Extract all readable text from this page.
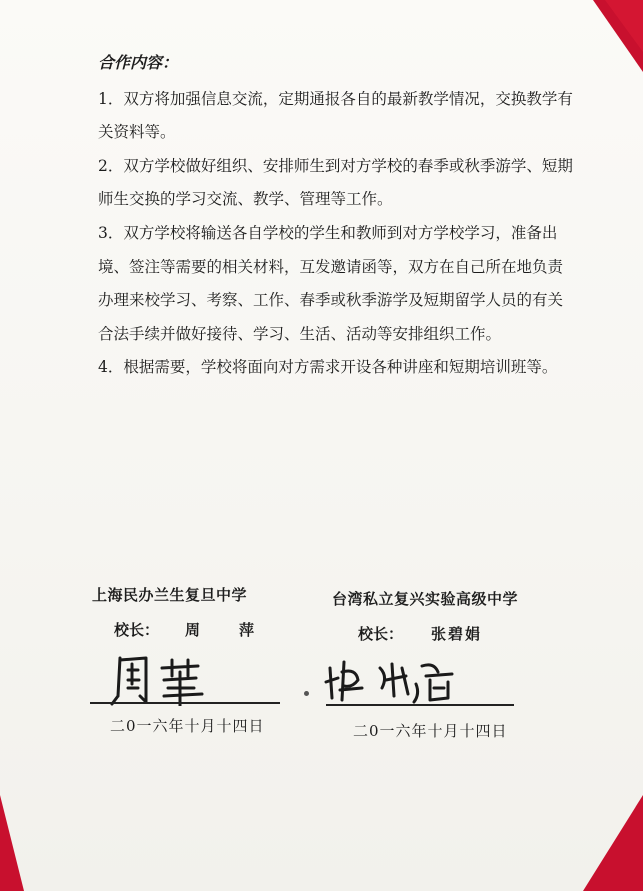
合作内容：

1．双方将加强信息交流，定期通报各自的最新教学情况，交换教学有关资料等。

2．双方学校做好组织、安排师生到对方学校的春季或秋季游学、短期师生交换的学习交流、教学、管理等工作。

3．双方学校将输送各自学校的学生和教师到对方学校学习，准备出境、签注等需要的相关材料，互发邀请函等，双方在自己所在地负责办理来校学习、考察、工作、春季或秋季游学及短期留学人员的有关合法手续并做好接待、学习、生活、活动等安排组织工作。

4．根据需要，学校将面向对方需求开设各种讲座和短期培训班等。

上海民办兰生复旦中学
校长： 周　萍
二0一六年十月十四日
台湾私立复兴实验高级中学
校长： 张碧娟
二0一六年十月十四日
